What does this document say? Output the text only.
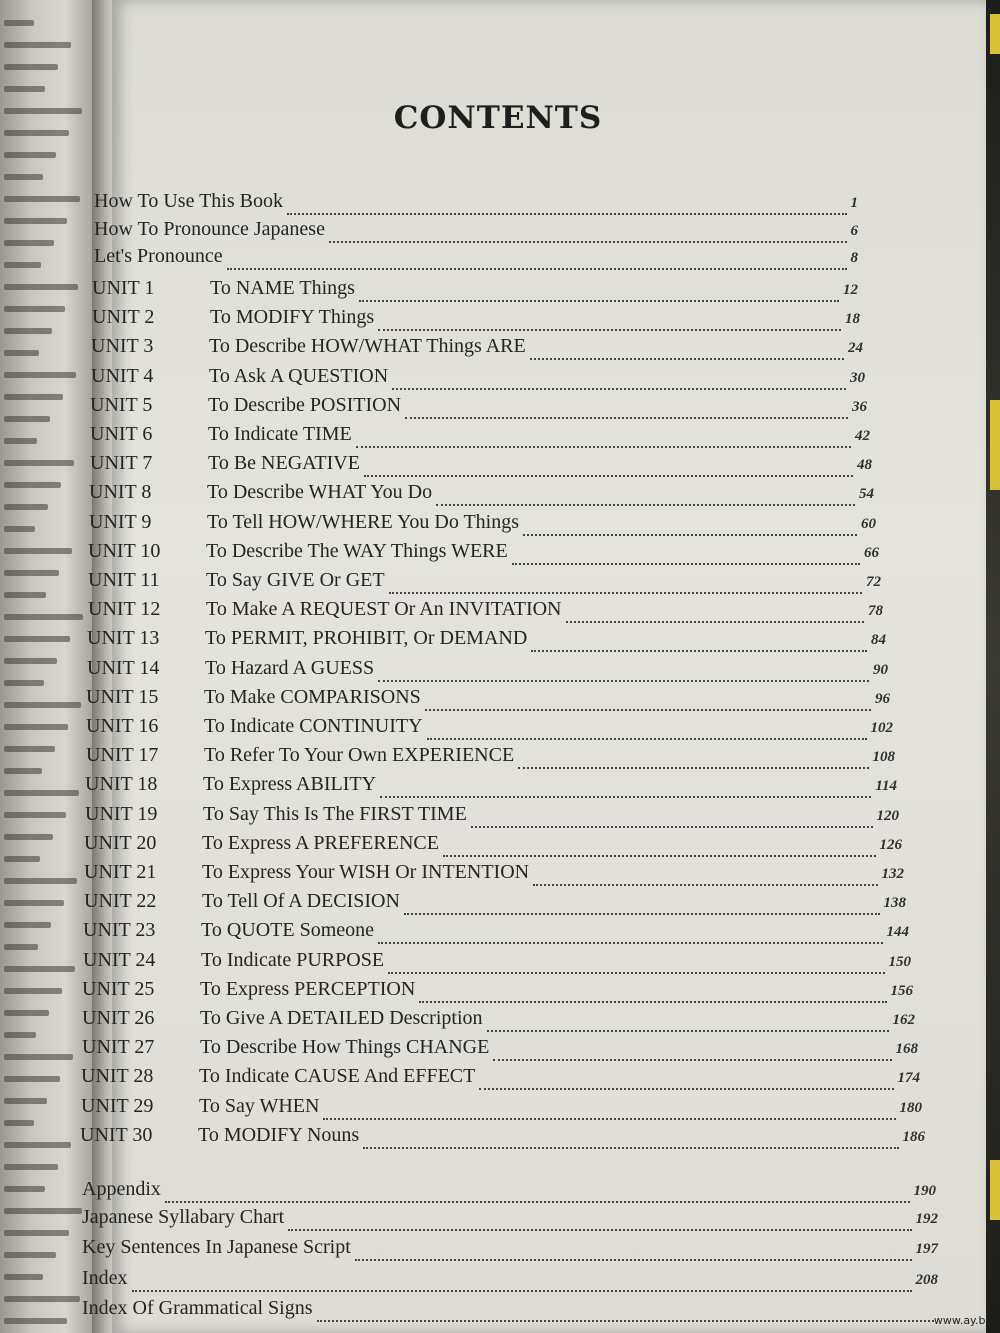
CONTENTS
How To Use This Book	1
How To Pronounce Japanese	6
Let's Pronounce	8
UNIT 1	To NAME Things	12
UNIT 2	To MODIFY Things	18
UNIT 3	To Describe HOW/WHAT Things ARE	24
UNIT 4	To Ask A QUESTION	30
UNIT 5	To Describe POSITION	36
UNIT 6	To Indicate TIME	42
UNIT 7	To Be NEGATIVE	48
UNIT 8	To Describe WHAT You Do	54
UNIT 9	To Tell HOW/WHERE You Do Things	60
UNIT 10	To Describe The WAY Things WERE	66
UNIT 11	To Say GIVE Or GET	72
UNIT 12	To Make A REQUEST Or An INVITATION	78
UNIT 13	To PERMIT, PROHIBIT, Or DEMAND	84
UNIT 14	To Hazard A GUESS	90
UNIT 15	To Make COMPARISONS	96
UNIT 16	To Indicate CONTINUITY	102
UNIT 17	To Refer To Your Own EXPERIENCE	108
UNIT 18	To Express ABILITY	114
UNIT 19	To Say This Is The FIRST TIME	120
UNIT 20	To Express A PREFERENCE	126
UNIT 21	To Express Your WISH Or INTENTION	132
UNIT 22	To Tell Of A DECISION	138
UNIT 23	To QUOTE Someone	144
UNIT 24	To Indicate PURPOSE	150
UNIT 25	To Express PERCEPTION	156
UNIT 26	To Give A DETAILED Description	162
UNIT 27	To Describe How Things CHANGE	168
UNIT 28	To Indicate CAUSE And EFFECT	174
UNIT 29	To Say WHEN	180
UNIT 30	To MODIFY Nouns	186
Appendix	190
Japanese Syllabary Chart	192
Key Sentences In Japanese Script	197
Index	208
Index Of Grammatical Signs
www.ay.by
